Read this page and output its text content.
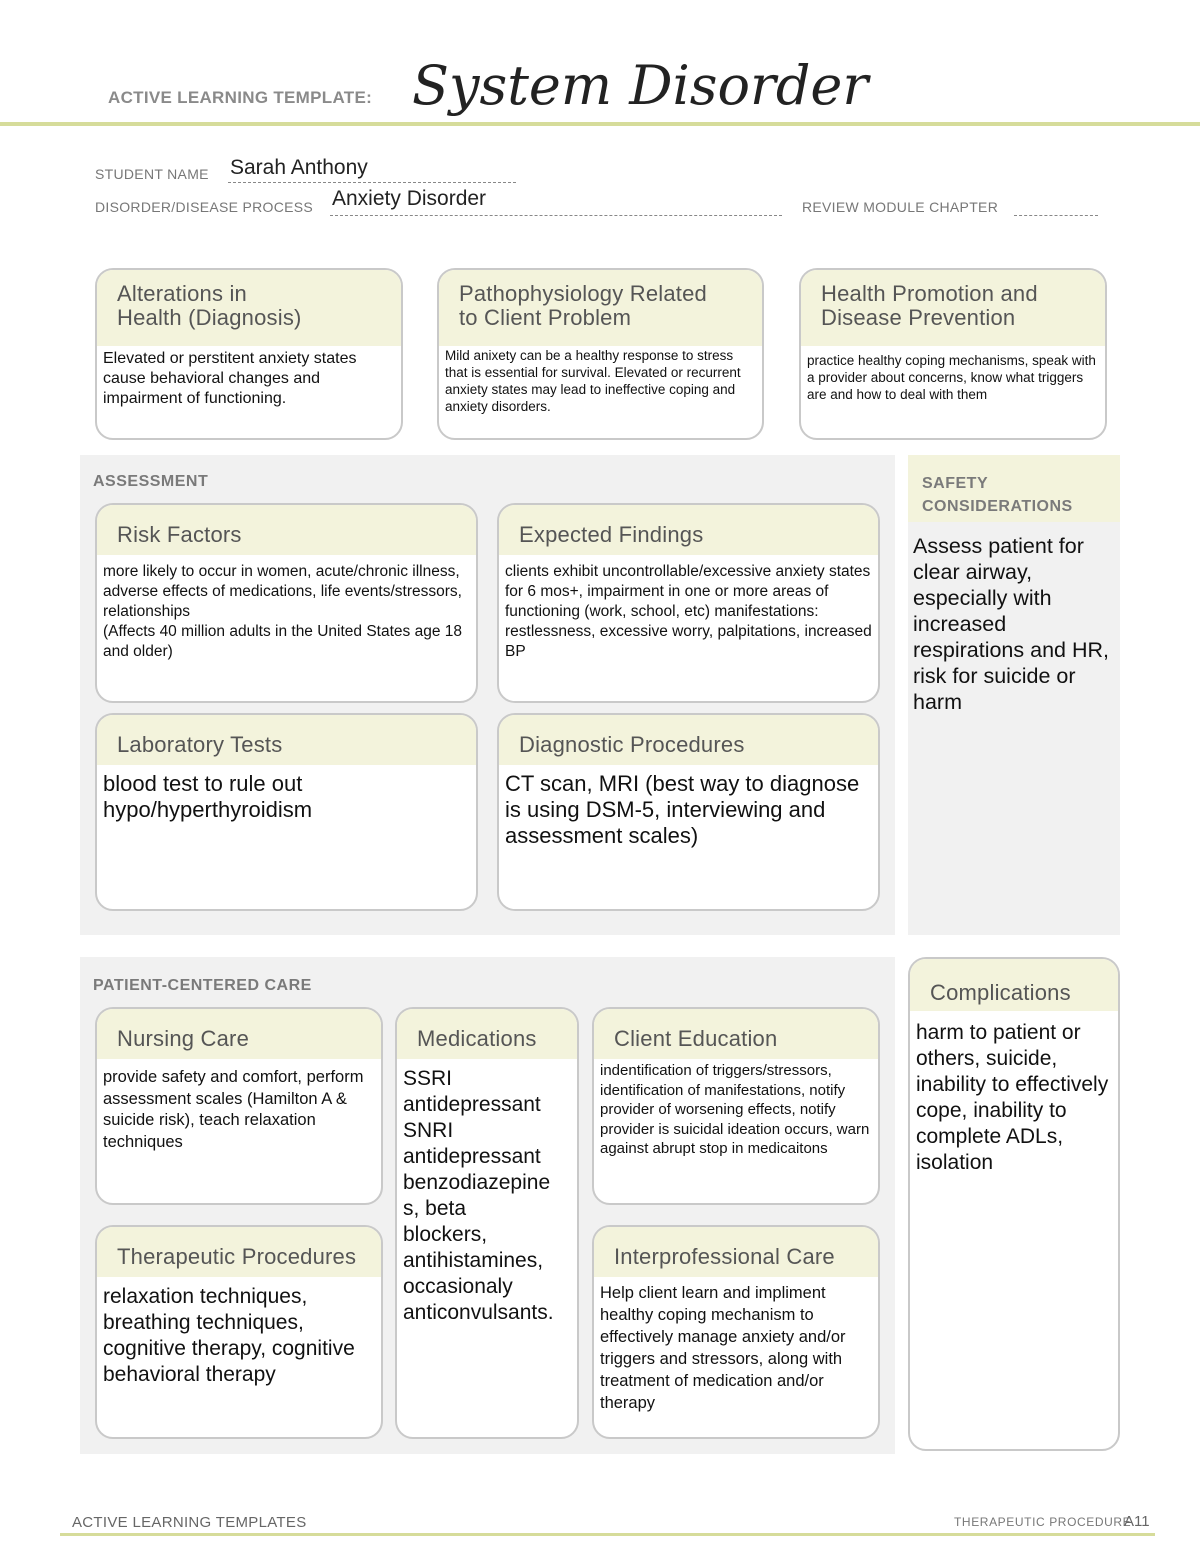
ACTIVE LEARNING TEMPLATE: System Disorder
STUDENT NAME Sarah Anthony
DISORDER/DISEASE PROCESS Anxiety Disorder	REVIEW MODULE CHAPTER
Alterations in
Health (Diagnosis)
Elevated or perstitent anxiety states cause behavioral changes and impairment of functioning.
Pathophysiology Related
to Client Problem
Mild anixety can be a healthy response to stress that is essential for survival. Elevated or recurrent anxiety states may lead to ineffective coping and anxiety disorders.
Health Promotion and
Disease Prevention
practice healthy coping mechanisms, speak with a provider about concerns, know what triggers are and how to deal with them
ASSESSMENT
Risk Factors
more likely to occur in women, acute/chronic illness, adverse effects of medications, life events/stressors, relationships
(Affects 40 million adults in the United States age 18 and older)
Expected Findings
clients exhibit uncontrollable/excessive anxiety states for 6 mos+, impairment in one or more areas of functioning (work, school, etc) manifestations: restlessness, excessive worry, palpitations, increased BP
Laboratory Tests
blood test to rule out hypo/hyperthyroidism
Diagnostic Procedures
CT scan, MRI (best way to diagnose is using DSM-5, interviewing and assessment scales)
SAFETY
CONSIDERATIONS
Assess patient for clear airway, especially with increased respirations and HR, risk for suicide or harm
PATIENT-CENTERED CARE
Nursing Care
provide safety and comfort, perform assessment scales (Hamilton A & suicide risk), teach relaxation techniques
Medications
SSRI
antidepressant
SNRI
antidepressant
benzodiazepine
s, beta
blockers,
antihistamines,
occasionaly
anticonvulsants.
Client Education
indentification of triggers/stressors, identification of manifestations, notify provider of worsening effects, notify provider is suicidal ideation occurs, warn against abrupt stop in medicaitons
Therapeutic Procedures
relaxation techniques, breathing techniques, cognitive therapy, cognitive behavioral therapy
Interprofessional Care
Help client learn and impliment healthy coping mechanism to effectively manage anxiety and/or triggers and stressors, along with treatment of medication and/or therapy
Complications
harm to patient or others, suicide, inability to effectively cope, inability to complete ADLs, isolation
ACTIVE LEARNING TEMPLATES	THERAPEUTIC PROCEDURE
A11
